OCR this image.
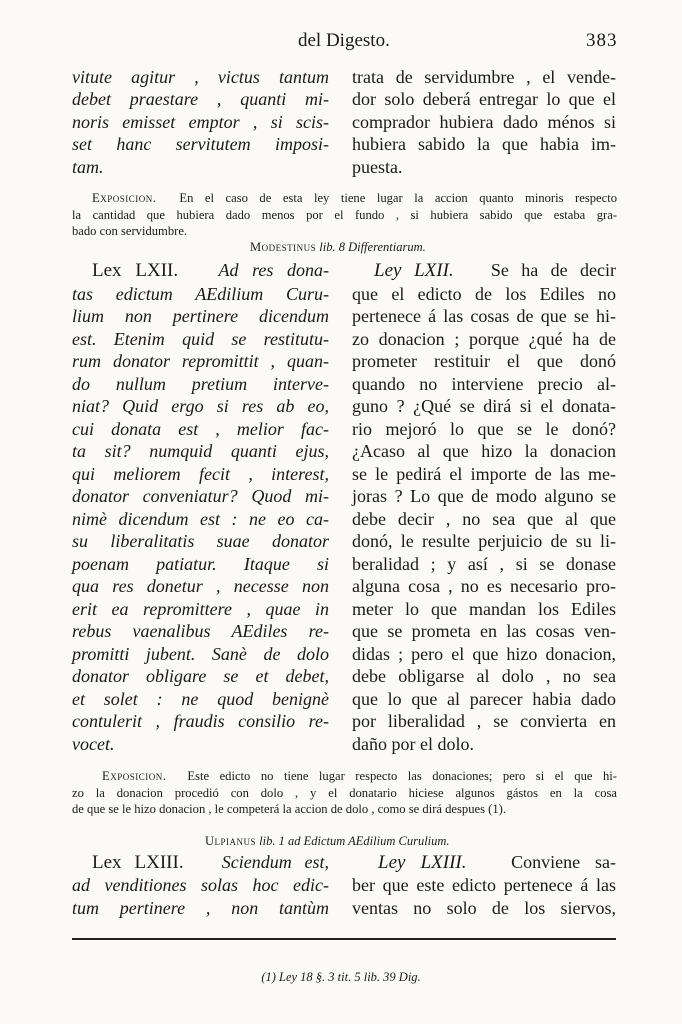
del Digesto.	383
vitute agitur , victus tantum
debet praestare , quanti mi-
noris emisset emptor , si scis-
set hanc servitutem imposi-
tam.
trata de servidumbre , el vende-
dor solo deberá entregar lo que el
comprador hubiera dado ménos si
hubiera sabido la que habia im-
puesta.
Exposicion. En el caso de esta ley tiene lugar la accion quanto minoris respecto
la cantidad que hubiera dado menos por el fundo , si hubiera sabido que estaba gra-
bado con servidumbre.
Modestinus lib. 8 Differentiarum.
Lex LXII. Ad res dona-
tas edictum AEdilium Curu-
lium non pertinere dicendum
est. Etenim quid se restitutu-
rum donator repromittit , quan-
do nullum pretium interve-
niat? Quid ergo si res ab eo,
cui donata est , melior fac-
ta sit? numquid quanti ejus,
qui meliorem fecit , interest,
donator conveniatur? Quod mi-
nimè dicendum est : ne eo ca-
su liberalitatis suae donator
poenam patiatur. Itaque si
qua res donetur , necesse non
erit ea repromittere , quae in
rebus vaenalibus AEdiles re-
promitti jubent. Sanè de dolo
donator obligare se et debet,
et solet : ne quod benignè
contulerit , fraudis consilio re-
vocet.
Ley LXII. Se ha de decir
que el edicto de los Ediles no
pertenece á las cosas de que se hi-
zo donacion ; porque ¿qué ha de
prometer restituir el que donó
quando no interviene precio al-
guno ? ¿Qué se dirá si el donata-
rio mejoró lo que se le donó?
¿Acaso al que hizo la donacion
se le pedirá el importe de las me-
joras ? Lo que de modo alguno se
debe decir , no sea que al que
donó, le resulte perjuicio de su li-
beralidad ; y así , si se donase
alguna cosa , no es necesario pro-
meter lo que mandan los Ediles
que se prometa en las cosas ven-
didas ; pero el que hizo donacion,
debe obligarse al dolo , no sea
que lo que al parecer habia dado
por liberalidad , se convierta en
daño por el dolo.
Exposicion. Este edicto no tiene lugar respecto las donaciones; pero si el que hi-
zo la donacion procedió con dolo , y el donatario hiciese algunos gástos en la cosa
de que se le hizo donacion , le competerá la accion de dolo , como se dirá despues (1).
Ulpianus lib. 1 ad Edictum AEdilium Curulium.
Lex LXIII. Sciendum est,
ad venditiones solas hoc edic-
tum pertinere , non tantùm
Ley LXIII. Conviene sa-
ber que este edicto pertenece á las
ventas no solo de los siervos,
(1) Ley 18 §. 3 tit. 5 lib. 39 Dig.
